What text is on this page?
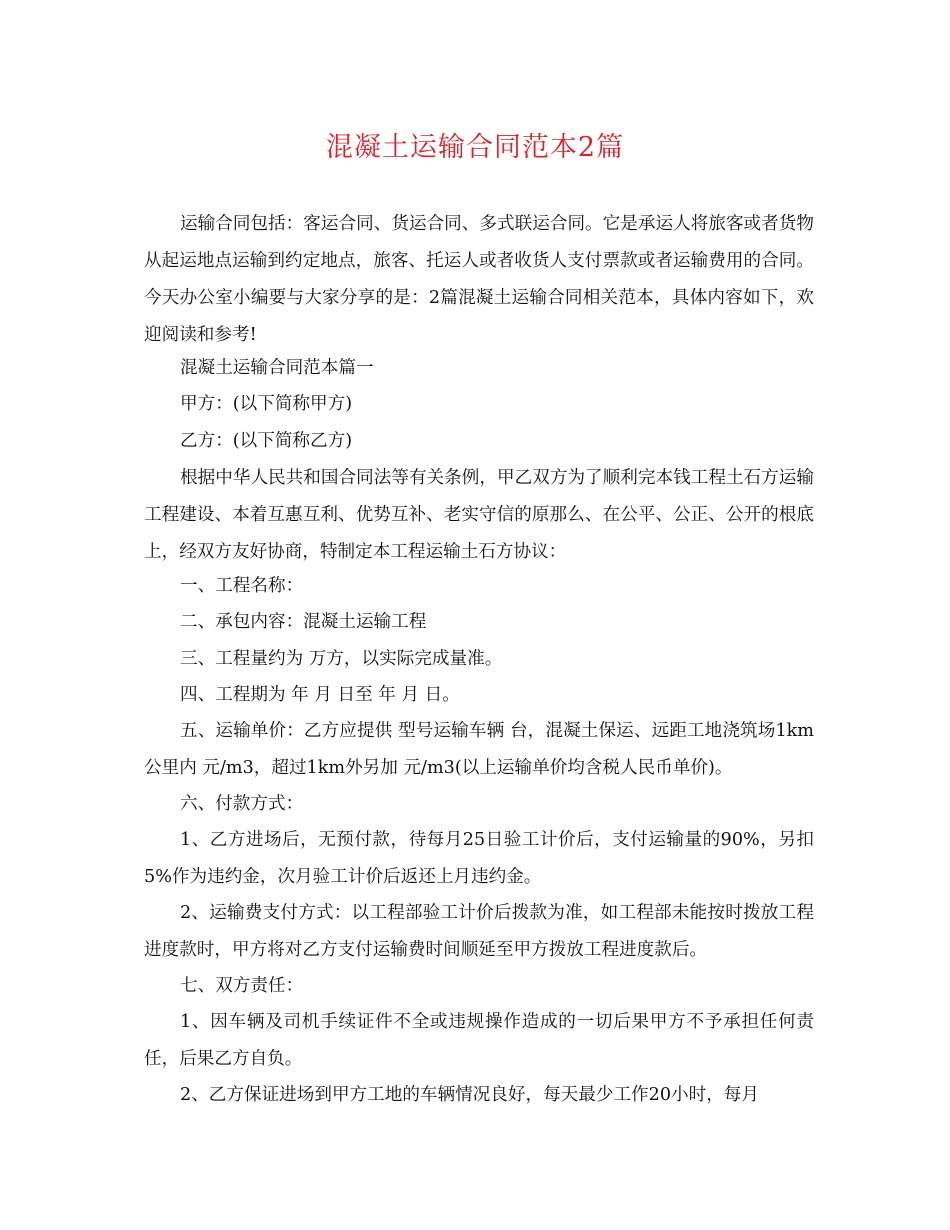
混凝土运输合同范本2篇

运输合同包括：客运合同、货运合同、多式联运合同。它是承运人将旅客或者货物从起运地点运输到约定地点，旅客、托运人或者收货人支付票款或者运输费用的合同。今天办公室小编要与大家分享的是：2篇混凝土运输合同相关范本，具体内容如下，欢迎阅读和参考!

混凝土运输合同范本篇一

甲方：(以下简称甲方)

乙方：(以下简称乙方)

根据中华人民共和国合同法等有关条例，甲乙双方为了顺利完本钱工程土石方运输工程建设、本着互惠互利、优势互补、老实守信的原那么、在公平、公正、公开的根底上，经双方友好协商，特制定本工程运输土石方协议：

一、工程名称：

二、承包内容：混凝土运输工程

三、工程量约为 万方，以实际完成量准。

四、工程期为 年 月 日至 年 月 日。

五、运输单价：乙方应提供 型号运输车辆 台，混凝土保运、远距工地浇筑场1km公里内 元/m3，超过1km外另加 元/m3(以上运输单价均含税人民币单价)。

六、付款方式：

1、乙方进场后，无预付款，待每月25日验工计价后，支付运输量的90%，另扣5%作为违约金，次月验工计价后返还上月违约金。

2、运输费支付方式：以工程部验工计价后拨款为准，如工程部未能按时拨放工程进度款时，甲方将对乙方支付运输费时间顺延至甲方拨放工程进度款后。

七、双方责任：

1、因车辆及司机手续证件不全或违规操作造成的一切后果甲方不予承担任何责任，后果乙方自负。

2、乙方保证进场到甲方工地的车辆情况良好，每天最少工作20小时，每月
